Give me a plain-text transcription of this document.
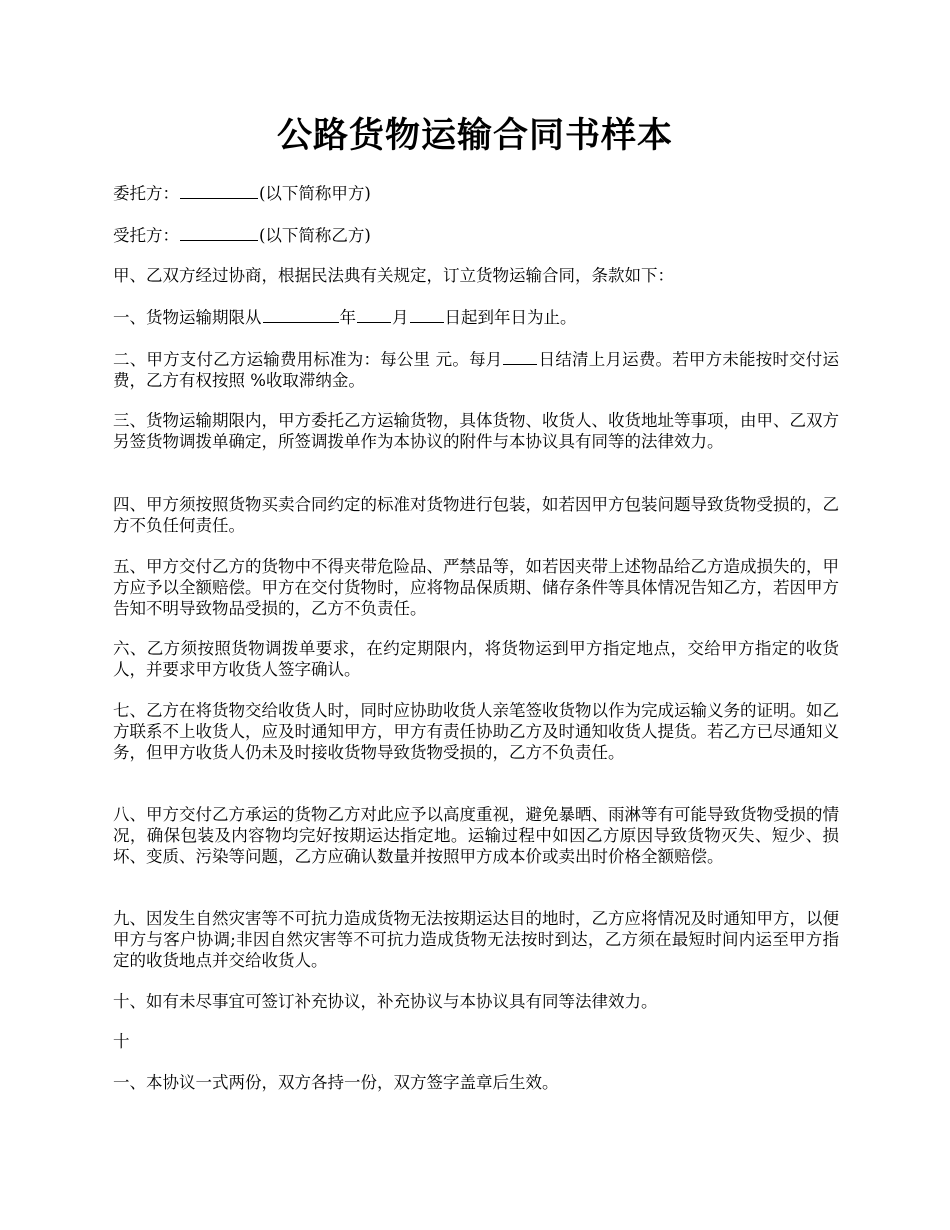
公路货物运输合同书样本

委托方：	(以下简称甲方)

受托方：	(以下简称乙方)

甲、乙双方经过协商，根据民法典有关规定，订立货物运输合同，条款如下：

一、货物运输期限从	年 月 日起到年日为止。

二、甲方支付乙方运输费用标准为：每公里 元。每月 日结清上月运费。若甲方未能按时交付运费，乙方有权按照 %收取滞纳金。

三、货物运输期限内，甲方委托乙方运输货物，具体货物、收货人、收货地址等事项，由甲、乙双方另签货物调拨单确定，所签调拨单作为本协议的附件与本协议具有同等的法律效力。

四、甲方须按照货物买卖合同约定的标准对货物进行包装，如若因甲方包装问题导致货物受损的，乙方不负任何责任。

五、甲方交付乙方的货物中不得夹带危险品、严禁品等，如若因夹带上述物品给乙方造成损失的，甲方应予以全额赔偿。甲方在交付货物时，应将物品保质期、储存条件等具体情况告知乙方，若因甲方告知不明导致物品受损的，乙方不负责任。

六、乙方须按照货物调拨单要求，在约定期限内，将货物运到甲方指定地点，交给甲方指定的收货人，并要求甲方收货人签字确认。

七、乙方在将货物交给收货人时，同时应协助收货人亲笔签收货物以作为完成运输义务的证明。如乙方联系不上收货人，应及时通知甲方，甲方有责任协助乙方及时通知收货人提货。若乙方已尽通知义务，但甲方收货人仍未及时接收货物导致货物受损的，乙方不负责任。

八、甲方交付乙方承运的货物乙方对此应予以高度重视，避免暴晒、雨淋等有可能导致货物受损的情况，确保包装及内容物均完好按期运达指定地。运输过程中如因乙方原因导致货物灭失、短少、损坏、变质、污染等问题，乙方应确认数量并按照甲方成本价或卖出时价格全额赔偿。

九、因发生自然灾害等不可抗力造成货物无法按期运达目的地时，乙方应将情况及时通知甲方，以便甲方与客户协调;非因自然灾害等不可抗力造成货物无法按时到达，乙方须在最短时间内运至甲方指定的收货地点并交给收货人。

十、如有未尽事宜可签订补充协议，补充协议与本协议具有同等法律效力。

十

一、本协议一式两份，双方各持一份，双方签字盖章后生效。
